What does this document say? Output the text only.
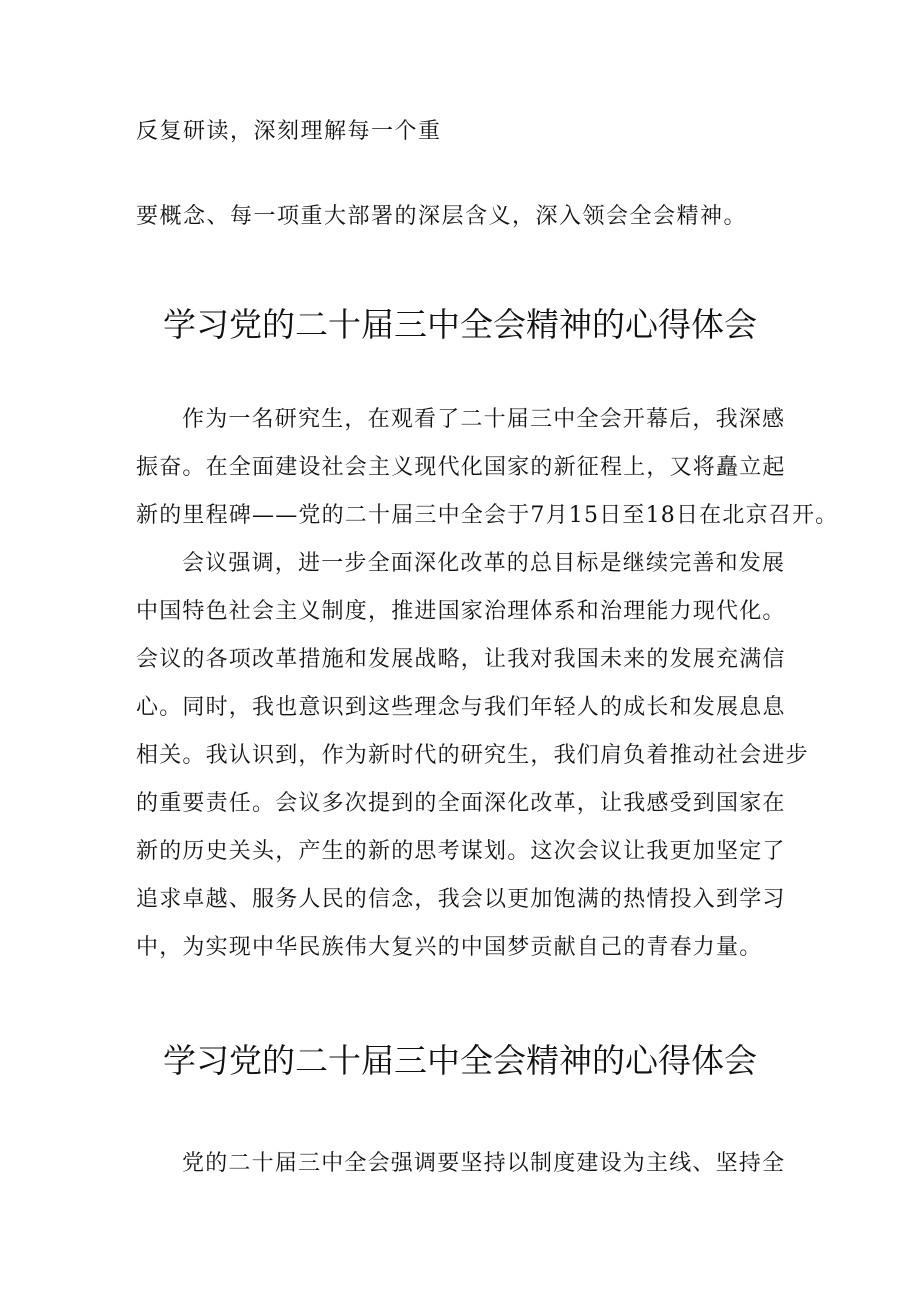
反复研读，深刻理解每一个重
要概念、每一项重大部署的深层含义，深入领会全会精神。
学习党的二十届三中全会精神的心得体会
作为一名研究生，在观看了二十届三中全会开幕后，我深感
振奋。在全面建设社会主义现代化国家的新征程上，又将矗立起
新的里程碑——党的二十届三中全会于7月15日至18日在北京召开。
会议强调，进一步全面深化改革的总目标是继续完善和发展
中国特色社会主义制度，推进国家治理体系和治理能力现代化。
会议的各项改革措施和发展战略，让我对我国未来的发展充满信
心。同时，我也意识到这些理念与我们年轻人的成长和发展息息
相关。我认识到，作为新时代的研究生，我们肩负着推动社会进步
的重要责任。会议多次提到的全面深化改革，让我感受到国家在
新的历史关头，产生的新的思考谋划。这次会议让我更加坚定了
追求卓越、服务人民的信念，我会以更加饱满的热情投入到学习
中，为实现中华民族伟大复兴的中国梦贡献自己的青春力量。
学习党的二十届三中全会精神的心得体会
党的二十届三中全会强调要坚持以制度建设为主线、坚持全
